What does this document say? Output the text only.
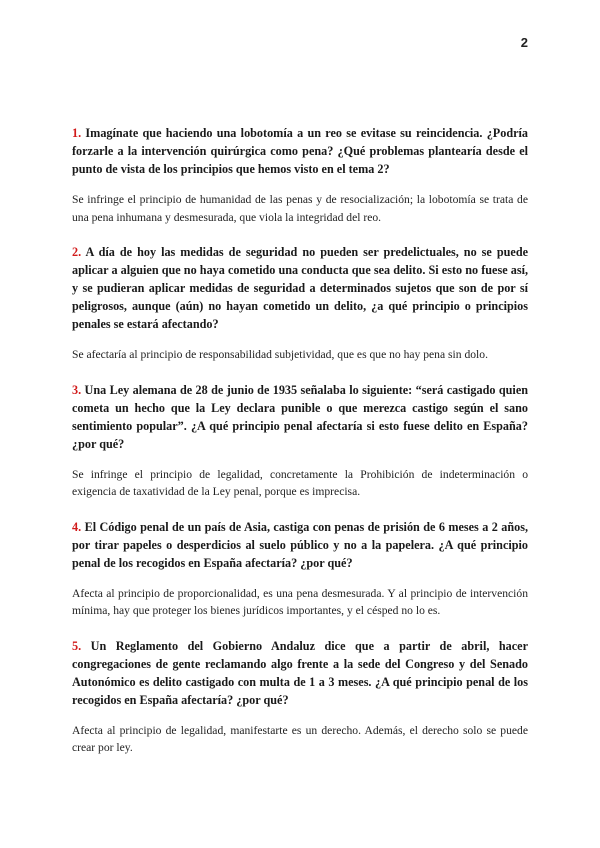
2

1. Imagínate que haciendo una lobotomía a un reo se evitase su reincidencia. ¿Podría forzarle a la intervención quirúrgica como pena? ¿Qué problemas plantearía desde el punto de vista de los principios que hemos visto en el tema 2?

Se infringe el principio de humanidad de las penas y de resocialización; la lobotomía se trata de una pena inhumana y desmesurada, que viola la integridad del reo.

2. A día de hoy las medidas de seguridad no pueden ser predelictuales, no se puede aplicar a alguien que no haya cometido una conducta que sea delito. Si esto no fuese así, y se pudieran aplicar medidas de seguridad a determinados sujetos que son de por sí peligrosos, aunque (aún) no hayan cometido un delito, ¿a qué principio o principios penales se estará afectando?

Se afectaría al principio de responsabilidad subjetividad, que es que no hay pena sin dolo.

3. Una Ley alemana de 28 de junio de 1935 señalaba lo siguiente: “será castigado quien cometa un hecho que la Ley declara punible o que merezca castigo según el sano sentimiento popular”. ¿A qué principio penal afectaría si esto fuese delito en España? ¿por qué?

Se infringe el principio de legalidad, concretamente la Prohibición de indeterminación o exigencia de taxatividad de la Ley penal, porque es imprecisa.

4. El Código penal de un país de Asia, castiga con penas de prisión de 6 meses a 2 años, por tirar papeles o desperdicios al suelo público y no a la papelera. ¿A qué principio penal de los recogidos en España afectaría? ¿por qué?

Afecta al principio de proporcionalidad, es una pena desmesurada. Y al principio de intervención mínima, hay que proteger los bienes jurídicos importantes, y el césped no lo es.

5. Un Reglamento del Gobierno Andaluz dice que a partir de abril, hacer congregaciones de gente reclamando algo frente a la sede del Congreso y del Senado Autonómico es delito castigado con multa de 1 a 3 meses. ¿A qué principio penal de los recogidos en España afectaría? ¿por qué?

Afecta al principio de legalidad, manifestarte es un derecho. Además, el derecho solo se puede crear por ley.
